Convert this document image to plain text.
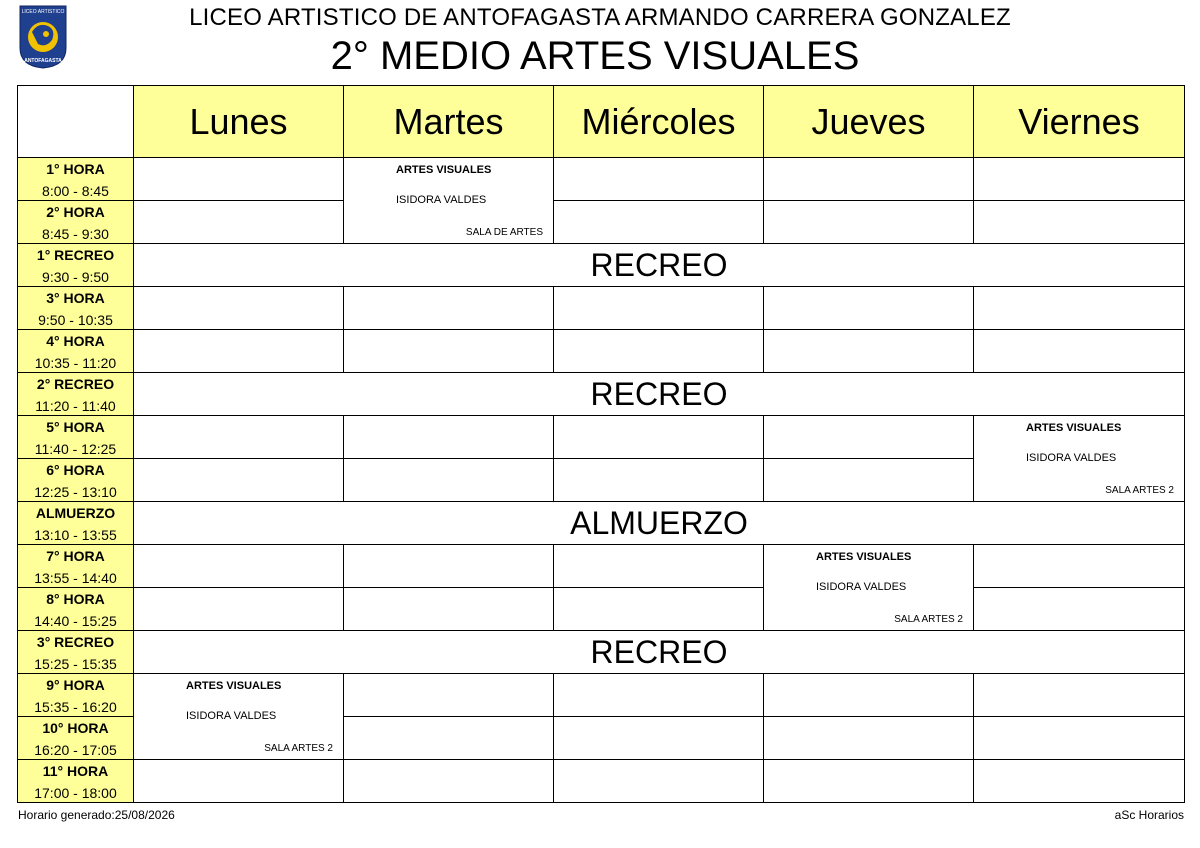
LICEO ARTISTICO
ANTOFAGASTA
LICEO ARTISTICO DE ANTOFAGASTA ARMANDO CARRERA GONZALEZ
2° MEDIO ARTES VISUALES
	Lunes	Martes	Miércoles	Jueves	Viernes

1° HORA
8:00 - 8:45		ARTES VISUALES
ISIDORA VALDES
SALA DE ARTES			

2° HORA
8:45 - 9:30					

1° RECREO
9:30 - 9:50	RECREO				

3° HORA
9:50 - 10:35					

4° HORA
10:35 - 11:20					

2° RECREO
11:20 - 11:40	RECREO				

5° HORA
11:40 - 12:25					ARTES VISUALES
ISIDORA VALDES
SALA ARTES 2

6° HORA
12:25 - 13:10					

ALMUERZO
13:10 - 13:55	ALMUERZO				

7° HORA
13:55 - 14:40				ARTES VISUALES
ISIDORA VALDES
SALA ARTES 2	

8° HORA
14:40 - 15:25					

3° RECREO
15:25 - 15:35	RECREO				

9° HORA
15:35 - 16:20	ARTES VISUALES
ISIDORA VALDES
SALA ARTES 2				

10° HORA
16:20 - 17:05					

11° HORA
17:00 - 18:00					

Horario generado:25/08/2026	aSc Horarios
